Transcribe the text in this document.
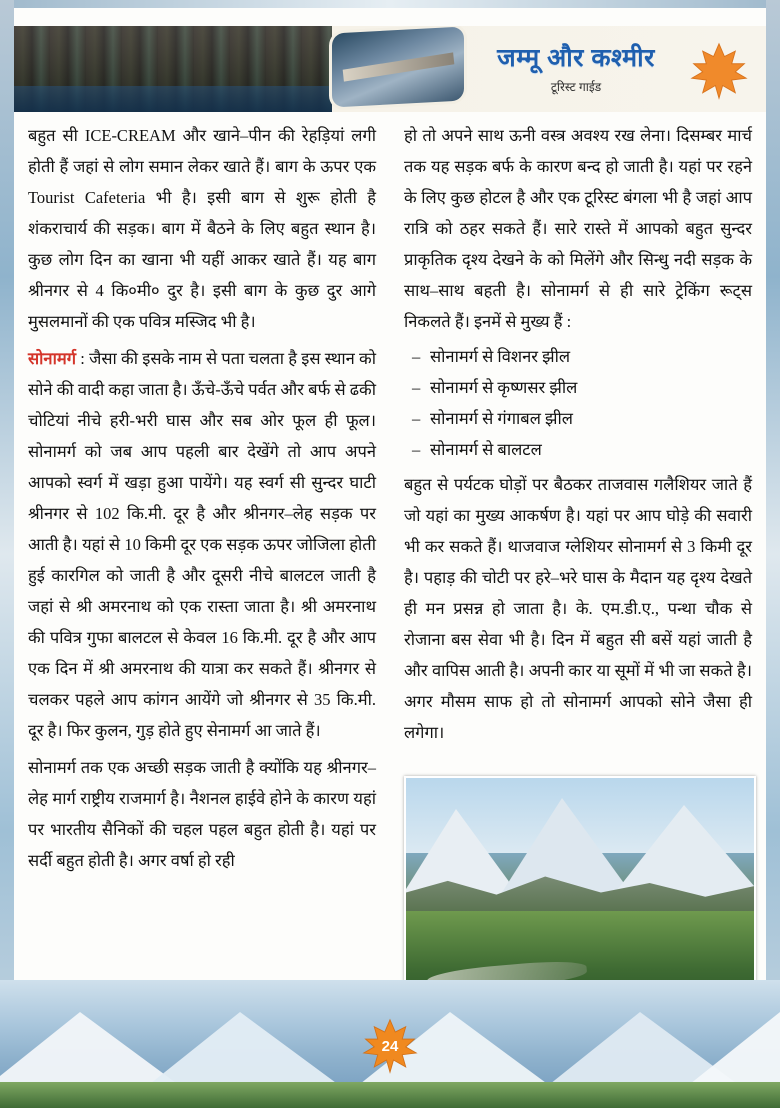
जम्मू और कश्मीर
टूरिस्ट गाईड

बहुत सी ICE-CREAM और खाने–पीन की रेहड़ियां लगी होती हैं जहां से लोग समान लेकर खाते हैं। बाग के ऊपर एक Tourist Cafeteria भी है। इसी बाग से शुरू होती है शंकराचार्य की सड़क। बाग में बैठने के लिए बहुत स्थान है। कुछ लोग दिन का खाना भी यहीं आकर खाते हैं। यह बाग श्रीनगर से 4 कि०मी० दुर है। इसी बाग के कुछ दुर आगे मुसलमानों की एक पवित्र मस्जिद भी है।

सोनामर्ग : जैसा की इसके नाम से पता चलता है इस स्थान को सोने की वादी कहा जाता है। ऊँचे-ऊँचे पर्वत और बर्फ से ढकी चोटियां नीचे हरी-भरी घास और सब ओर फूल ही फूल। सोनामर्ग को जब आप पहली बार देखेंगे तो आप अपने आपको स्वर्ग में खड़ा हुआ पायेंगे। यह स्वर्ग सी सुन्दर घाटी श्रीनगर से 102 कि.मी. दूर है और श्रीनगर–लेह सड़क पर आती है। यहां से 10 किमी दूर एक सड़क ऊपर जोजिला होती हुई कारगिल को जाती है और दूसरी नीचे बालटल जाती है जहां से श्री अमरनाथ को एक रास्ता जाता है। श्री अमरनाथ की पवित्र गुफा बालटल से केवल 16 कि.मी. दूर है और आप एक दिन में श्री अमरनाथ की यात्रा कर सकते हैं। श्रीनगर से चलकर पहले आप कांगन आयेंगे जो श्रीनगर से 35 कि.मी. दूर है। फिर कुलन, गुड़ होते हुए सेनामर्ग आ जाते हैं।

सोनामर्ग तक एक अच्छी सड़क जाती है क्योंकि यह श्रीनगर–लेह मार्ग राष्ट्रीय राजमार्ग है। नैशनल हाईवे होने के कारण यहां पर भारतीय सैनिकों की चहल पहल बहुत होती है। यहां पर सर्दी बहुत होती है। अगर वर्षा हो रही

हो तो अपने साथ ऊनी वस्त्र अवश्य रख लेना। दिसम्बर मार्च तक यह सड़क बर्फ के कारण बन्द हो जाती है। यहां पर रहने के लिए कुछ होटल है और एक टूरिस्ट बंगला भी है जहां आप रात्रि को ठहर सकते हैं। सारे रास्ते में आपको बहुत सुन्दर प्राकृतिक दृश्य देखने के को मिलेंगे और सिन्धु नदी सड़क के साथ–साथ बहती है। सोनामर्ग से ही सारे ट्रेकिंग रूट्स निकलते हैं। इनमें से मुख्य हैं :

– सोनामर्ग से विशनर झील
– सोनामर्ग से कृष्णसर झील
– सोनामर्ग से गंगाबल झील
– सोनामर्ग से बालटल

बहुत से पर्यटक घोड़ों पर बैठकर ताजवास गलैशियर जाते हैं जो यहां का मुख्य आकर्षण है। यहां पर आप घोड़े की सवारी भी कर सकते हैं। थाजवाज ग्लेशियर सोनामर्ग से 3 किमी दूर है। पहाड़ की चोटी पर हरे–भरे घास के मैदान यह दृश्य देखते ही मन प्रसन्न हो जाता है। के. एम.डी.ए., पन्था चौक से रोजाना बस सेवा भी है। दिन में बहुत सी बसें यहां जाती है और वापिस आती है। अपनी कार या सूमों में भी जा सकते है। अगर मौसम साफ हो तो सोनामर्ग आपको सोने जैसा ही लगेगा।

24
